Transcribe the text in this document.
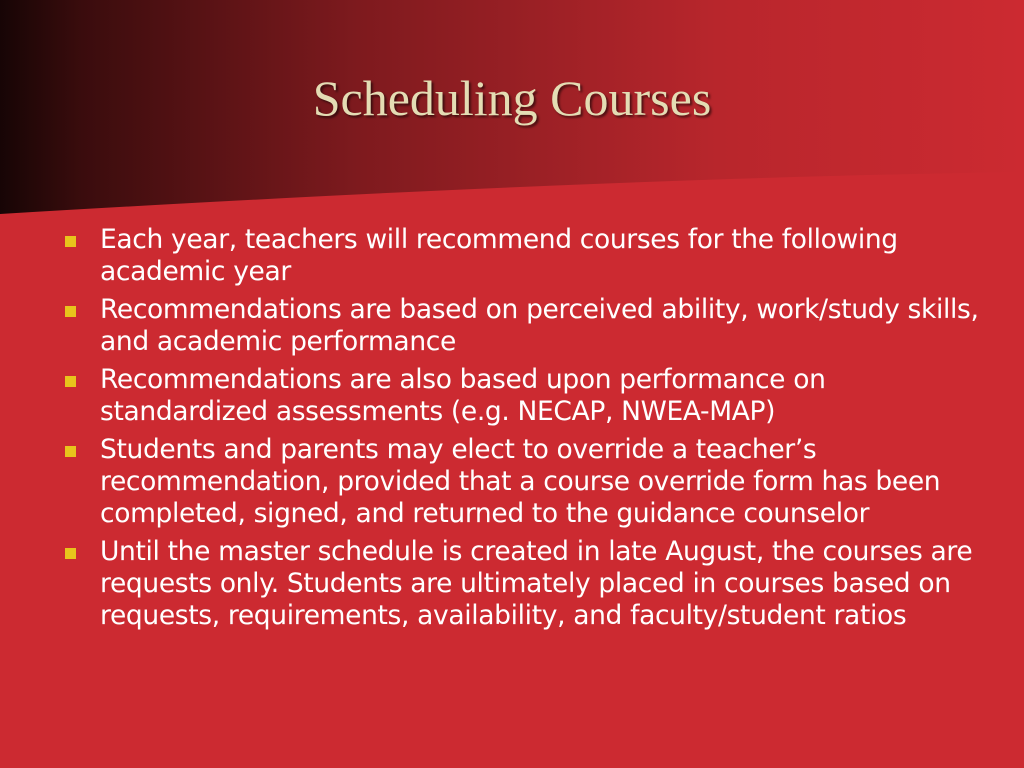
Scheduling Courses
Each year, teachers will recommend courses for the following academic year
Recommendations are based on perceived ability, work/study skills, and academic performance
Recommendations are also based upon performance on standardized assessments (e.g. NECAP, NWEA-MAP)
Students and parents may elect to override a teacher’s recommendation, provided that a course override form has been completed, signed, and returned to the guidance counselor
Until the master schedule is created in late August, the courses are requests only. Students are ultimately placed in courses based on requests, requirements, availability, and faculty/student ratios
